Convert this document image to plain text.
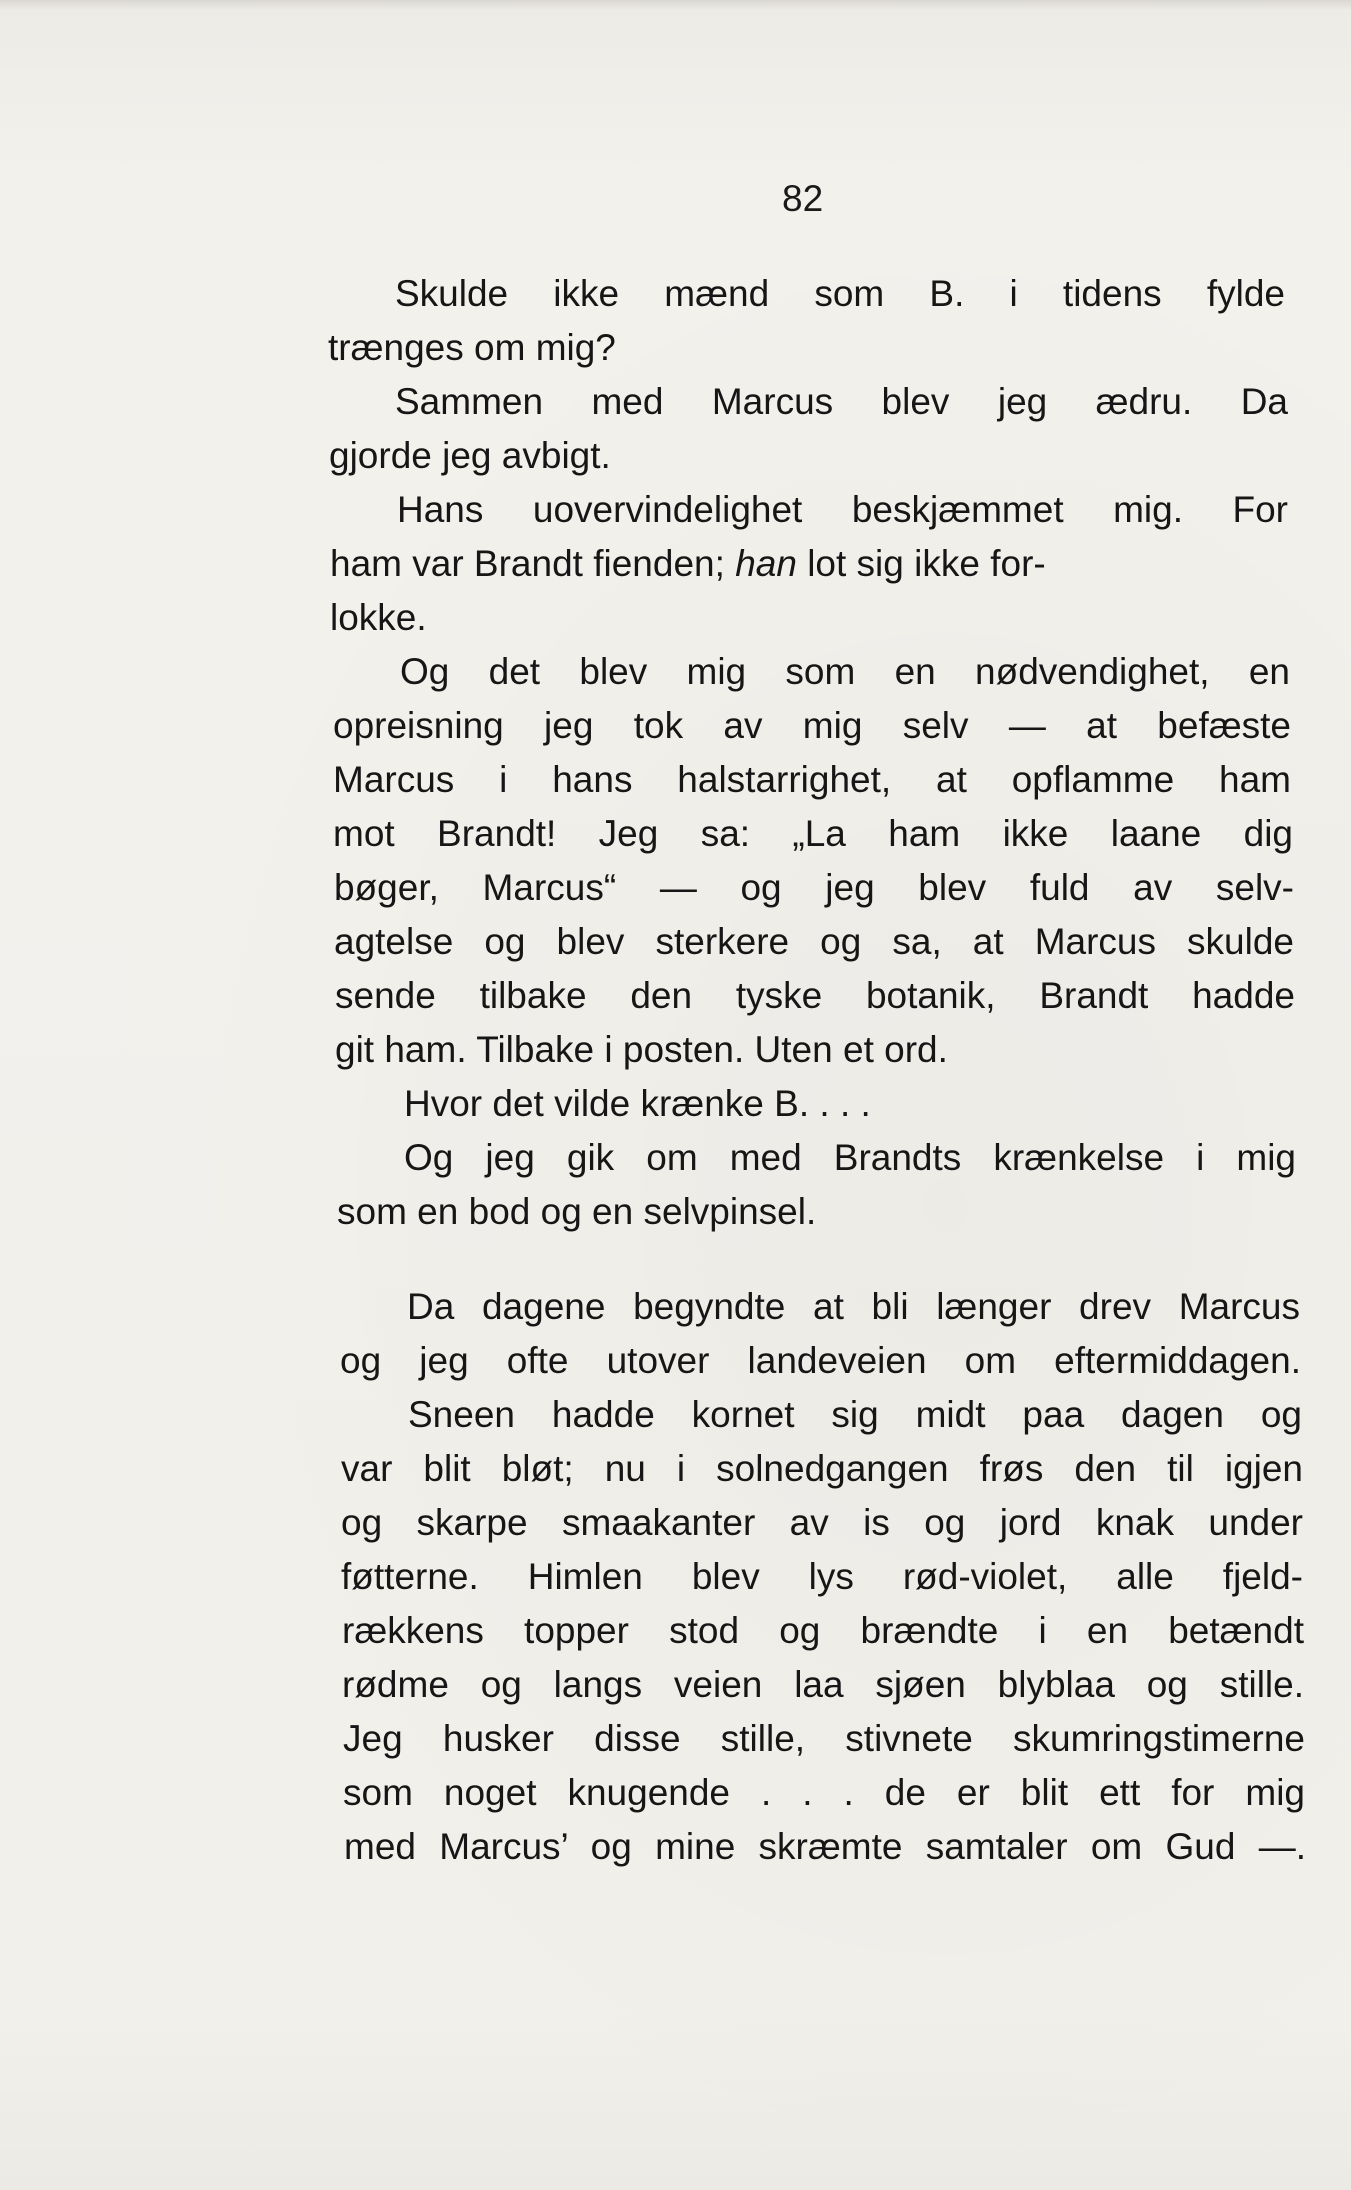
82

Skulde ikke mænd som B. i tidens fylde

trænges om mig?

Sammen med Marcus blev jeg ædru. Da

gjorde jeg avbigt.

Hans uovervindelighet beskjæmmet mig. For

ham var Brandt fienden; han lot sig ikke for-

lokke.

Og det blev mig som en nødvendighet, en

opreisning jeg tok av mig selv — at befæste

Marcus i hans halstarrighet, at opflamme ham

mot Brandt! Jeg sa: „La ham ikke laane dig

bøger, Marcus“ — og jeg blev fuld av selv-

agtelse og blev sterkere og sa, at Marcus skulde

sende tilbake den tyske botanik, Brandt hadde

git ham. Tilbake i posten. Uten et ord.

Hvor det vilde krænke B. . . .

Og jeg gik om med Brandts krænkelse i mig

som en bod og en selvpinsel.

Da dagene begyndte at bli længer drev Marcus

og jeg ofte utover landeveien om eftermiddagen.

Sneen hadde kornet sig midt paa dagen og

var blit bløt; nu i solnedgangen frøs den til igjen

og skarpe smaakanter av is og jord knak under

føtterne. Himlen blev lys rød-violet, alle fjeld-

rækkens topper stod og brændte i en betændt

rødme og langs veien laa sjøen blyblaa og stille.

Jeg husker disse stille, stivnete skumringstimerne

som noget knugende . . . de er blit ett for mig

med Marcus’ og mine skræmte samtaler om Gud —.
